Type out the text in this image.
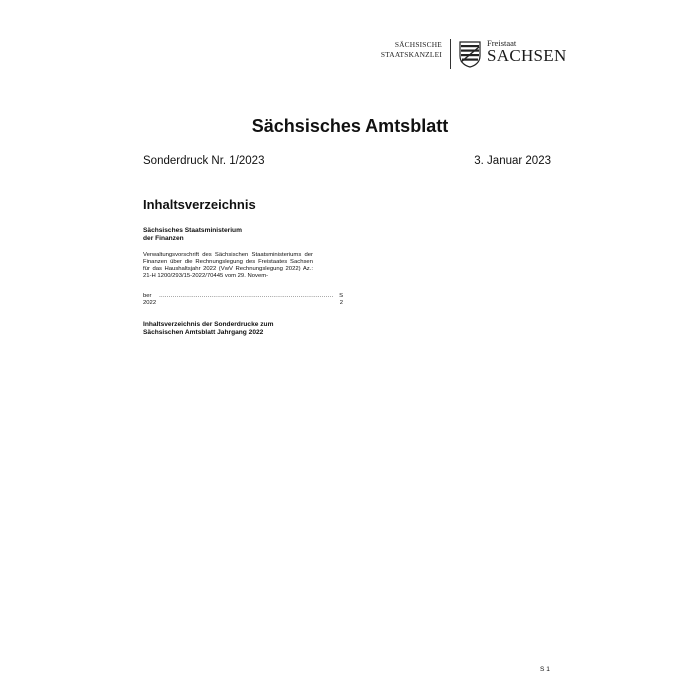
SÄCHSISCHE
STAATSKANZLEI
Freistaat
SACHSEN
Sächsisches Amtsblatt
Sonderdruck Nr. 1/2023	3. Januar 2023
Inhaltsverzeichnis
Sächsisches Staatsministerium
der Finanzen
Verwaltungsvorschrift des Sächsischen Staatsministeriums der Finanzen über die Rechnungslegung des Freistaates Sachsen für das Haushaltsjahr 2022 (VwV Rechnungslegung 2022) Az.: 21-H 1200/293/15-2022/70445 vom 29. Novem-
ber 2022
.......................................................................................... S 2
Inhaltsverzeichnis der Sonderdrucke zum
Sächsischen Amtsblatt Jahrgang 2022
S 1
